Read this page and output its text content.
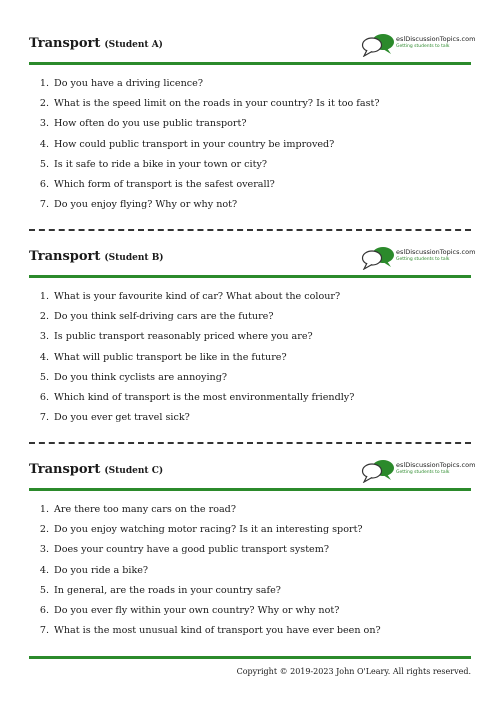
Transport (Student A)
eslDiscussionTopics.com
Getting students to talk
1. Do you have a driving licence?
2. What is the speed limit on the roads in your country? Is it too fast?
3. How often do you use public transport?
4. How could public transport in your country be improved?
5. Is it safe to ride a bike in your town or city?
6. Which form of transport is the safest overall?
7. Do you enjoy flying? Why or why not?
Transport (Student B)
eslDiscussionTopics.com
Getting students to talk
1. What is your favourite kind of car? What about the colour?
2. Do you think self-driving cars are the future?
3. Is public transport reasonably priced where you are?
4. What will public transport be like in the future?
5. Do you think cyclists are annoying?
6. Which kind of transport is the most environmentally friendly?
7. Do you ever get travel sick?
Transport (Student C)
eslDiscussionTopics.com
Getting students to talk
1. Are there too many cars on the road?
2. Do you enjoy watching motor racing? Is it an interesting sport?
3. Does your country have a good public transport system?
4. Do you ride a bike?
5. In general, are the roads in your country safe?
6. Do you ever fly within your own country? Why or why not?
7. What is the most unusual kind of transport you have ever been on?
Copyright © 2019-2023 John O'Leary. All rights reserved.
